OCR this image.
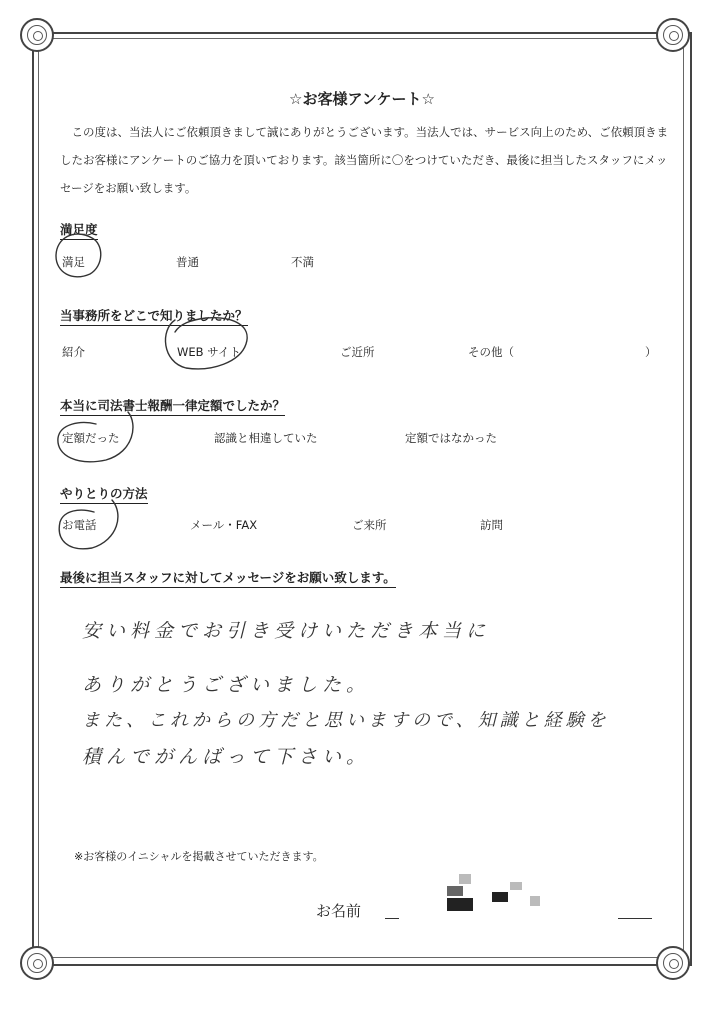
☆お客様アンケート☆
この度は、当法人にご依頼頂きまして誠にありがとうございます。当法人では、サービス向上のため、ご依頼頂きましたお客様にアンケートのご協力を頂いております。該当箇所に〇をつけていただき、最後に担当したスタッフにメッセージをお願い致します。
満足度
満足	普通	不満
当事務所をどこで知りましたか？
紹介	WEB サイト	ご近所	その他（	）
本当に司法書士報酬一律定額でしたか？
定額だった	認識と相違していた	定額ではなかった
やりとりの方法
お電話	メール・FAX	ご来所	訪問
最後に担当スタッフに対してメッセージをお願い致します。
安い料金でお引き受けいただき本当に
ありがとうございました。
また、これからの方だと思いますので、知識と経験を
積んでがんばって下さい。
※お客様のイニシャルを掲載させていただきます。
お名前
